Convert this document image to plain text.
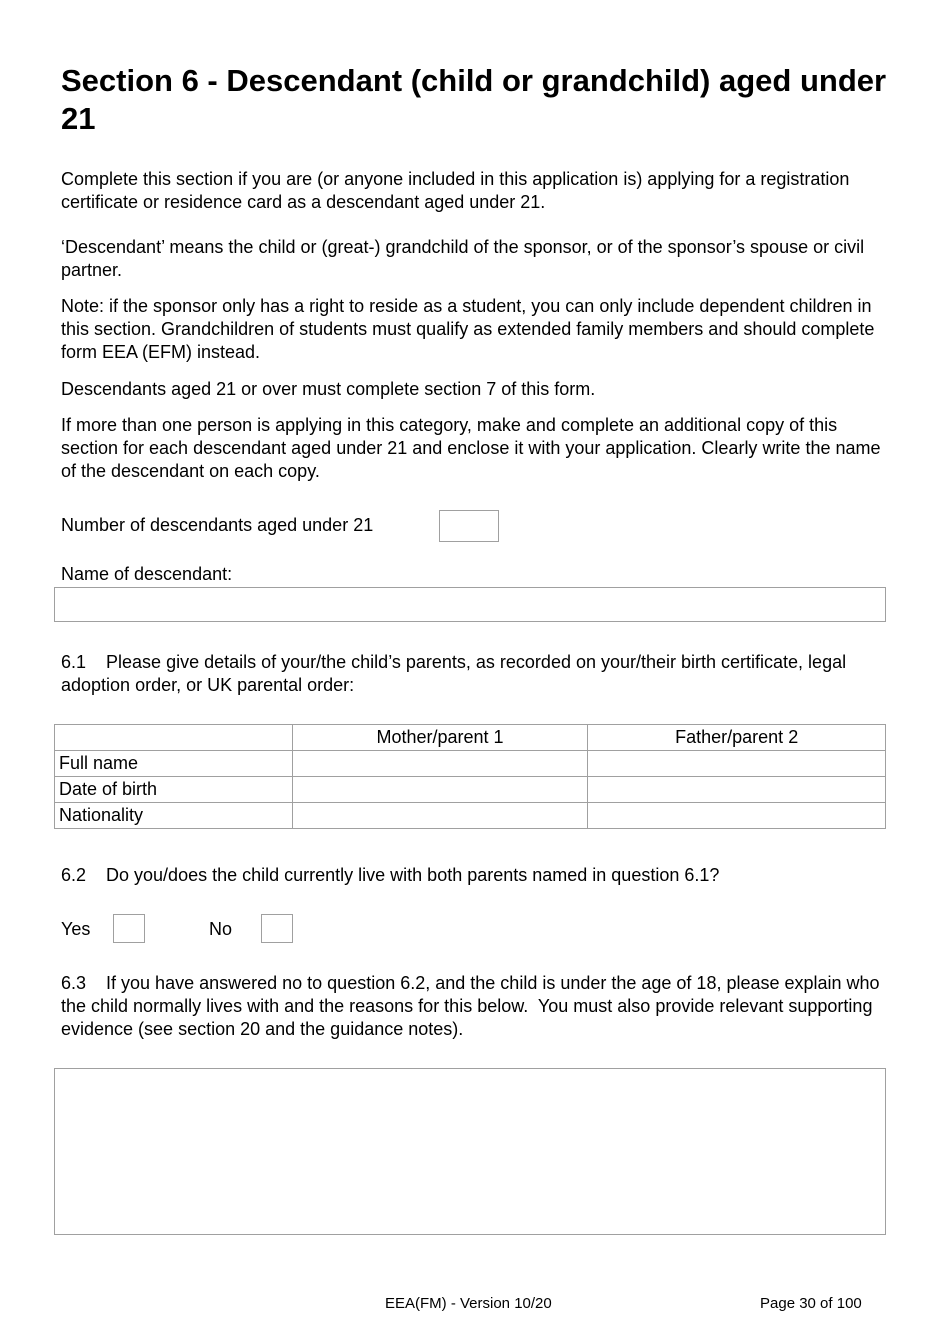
Section 6 - Descendant (child or grandchild) aged under 21

Complete this section if you are (or anyone included in this application is) applying for a registration certificate or residence card as a descendant aged under 21.

‘Descendant’ means the child or (great-) grandchild of the sponsor, or of the sponsor’s spouse or civil partner.

Note: if the sponsor only has a right to reside as a student, you can only include dependent children in this section. Grandchildren of students must qualify as extended family members and should complete form EEA (EFM) instead.

Descendants aged 21 or over must complete section 7 of this form.

If more than one person is applying in this category, make and complete an additional copy of this section for each descendant aged under 21 and enclose it with your application. Clearly write the name of the descendant on each copy.

Number of descendants aged under 21
Name of descendant:

6.1    Please give details of your/the child’s parents, as recorded on your/their birth certificate, legal adoption order, or UK parental order:

	Mother/parent 1	Father/parent 2
Full name		
Date of birth		
Nationality		

6.2    Do you/does the child currently live with both parents named in question 6.1?

Yes	No

6.3    If you have answered no to question 6.2, and the child is under the age of 18, please explain who the child normally lives with and the reasons for this below.  You must also provide relevant supporting evidence (see section 20 and the guidance notes).

EEA(FM) - Version 10/20	Page 30 of 100
